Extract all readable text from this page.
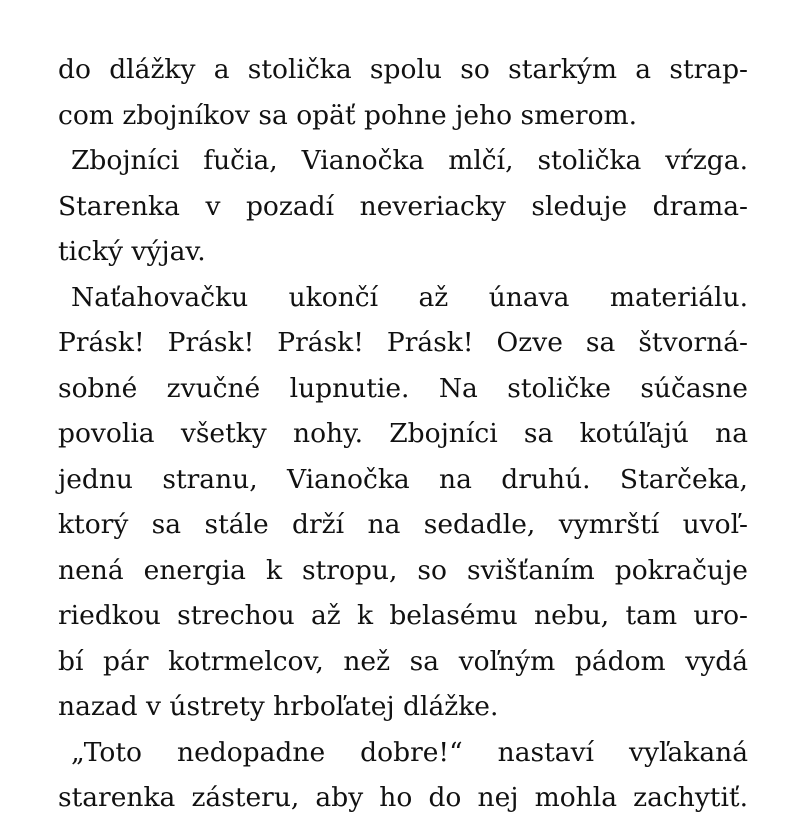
do dlážky a stolička spolu so starkým a strap-
com zbojníkov sa opäť pohne jeho smerom.
Zbojníci fučia, Vianočka mlčí, stolička vŕzga.
Starenka v pozadí neveriacky sleduje drama-
tický výjav.
Naťahovačku ukončí až únava materiálu.
Prásk! Prásk! Prásk! Prásk! Ozve sa štvorná-
sobné zvučné lupnutie. Na stoličke súčasne
povolia všetky nohy. Zbojníci sa kotúľajú na
jednu stranu, Vianočka na druhú. Starčeka,
ktorý sa stále drží na sedadle, vymrští uvoľ-
nená energia k stropu, so svišťaním pokračuje
riedkou strechou až k belasému nebu, tam uro-
bí pár kotrmelcov, než sa voľným pádom vydá
nazad v ústrety hrboľatej dlážke.
„Toto nedopadne dobre!“ nastaví vyľakaná
starenka zásteru, aby ho do nej mohla zachytiť.
